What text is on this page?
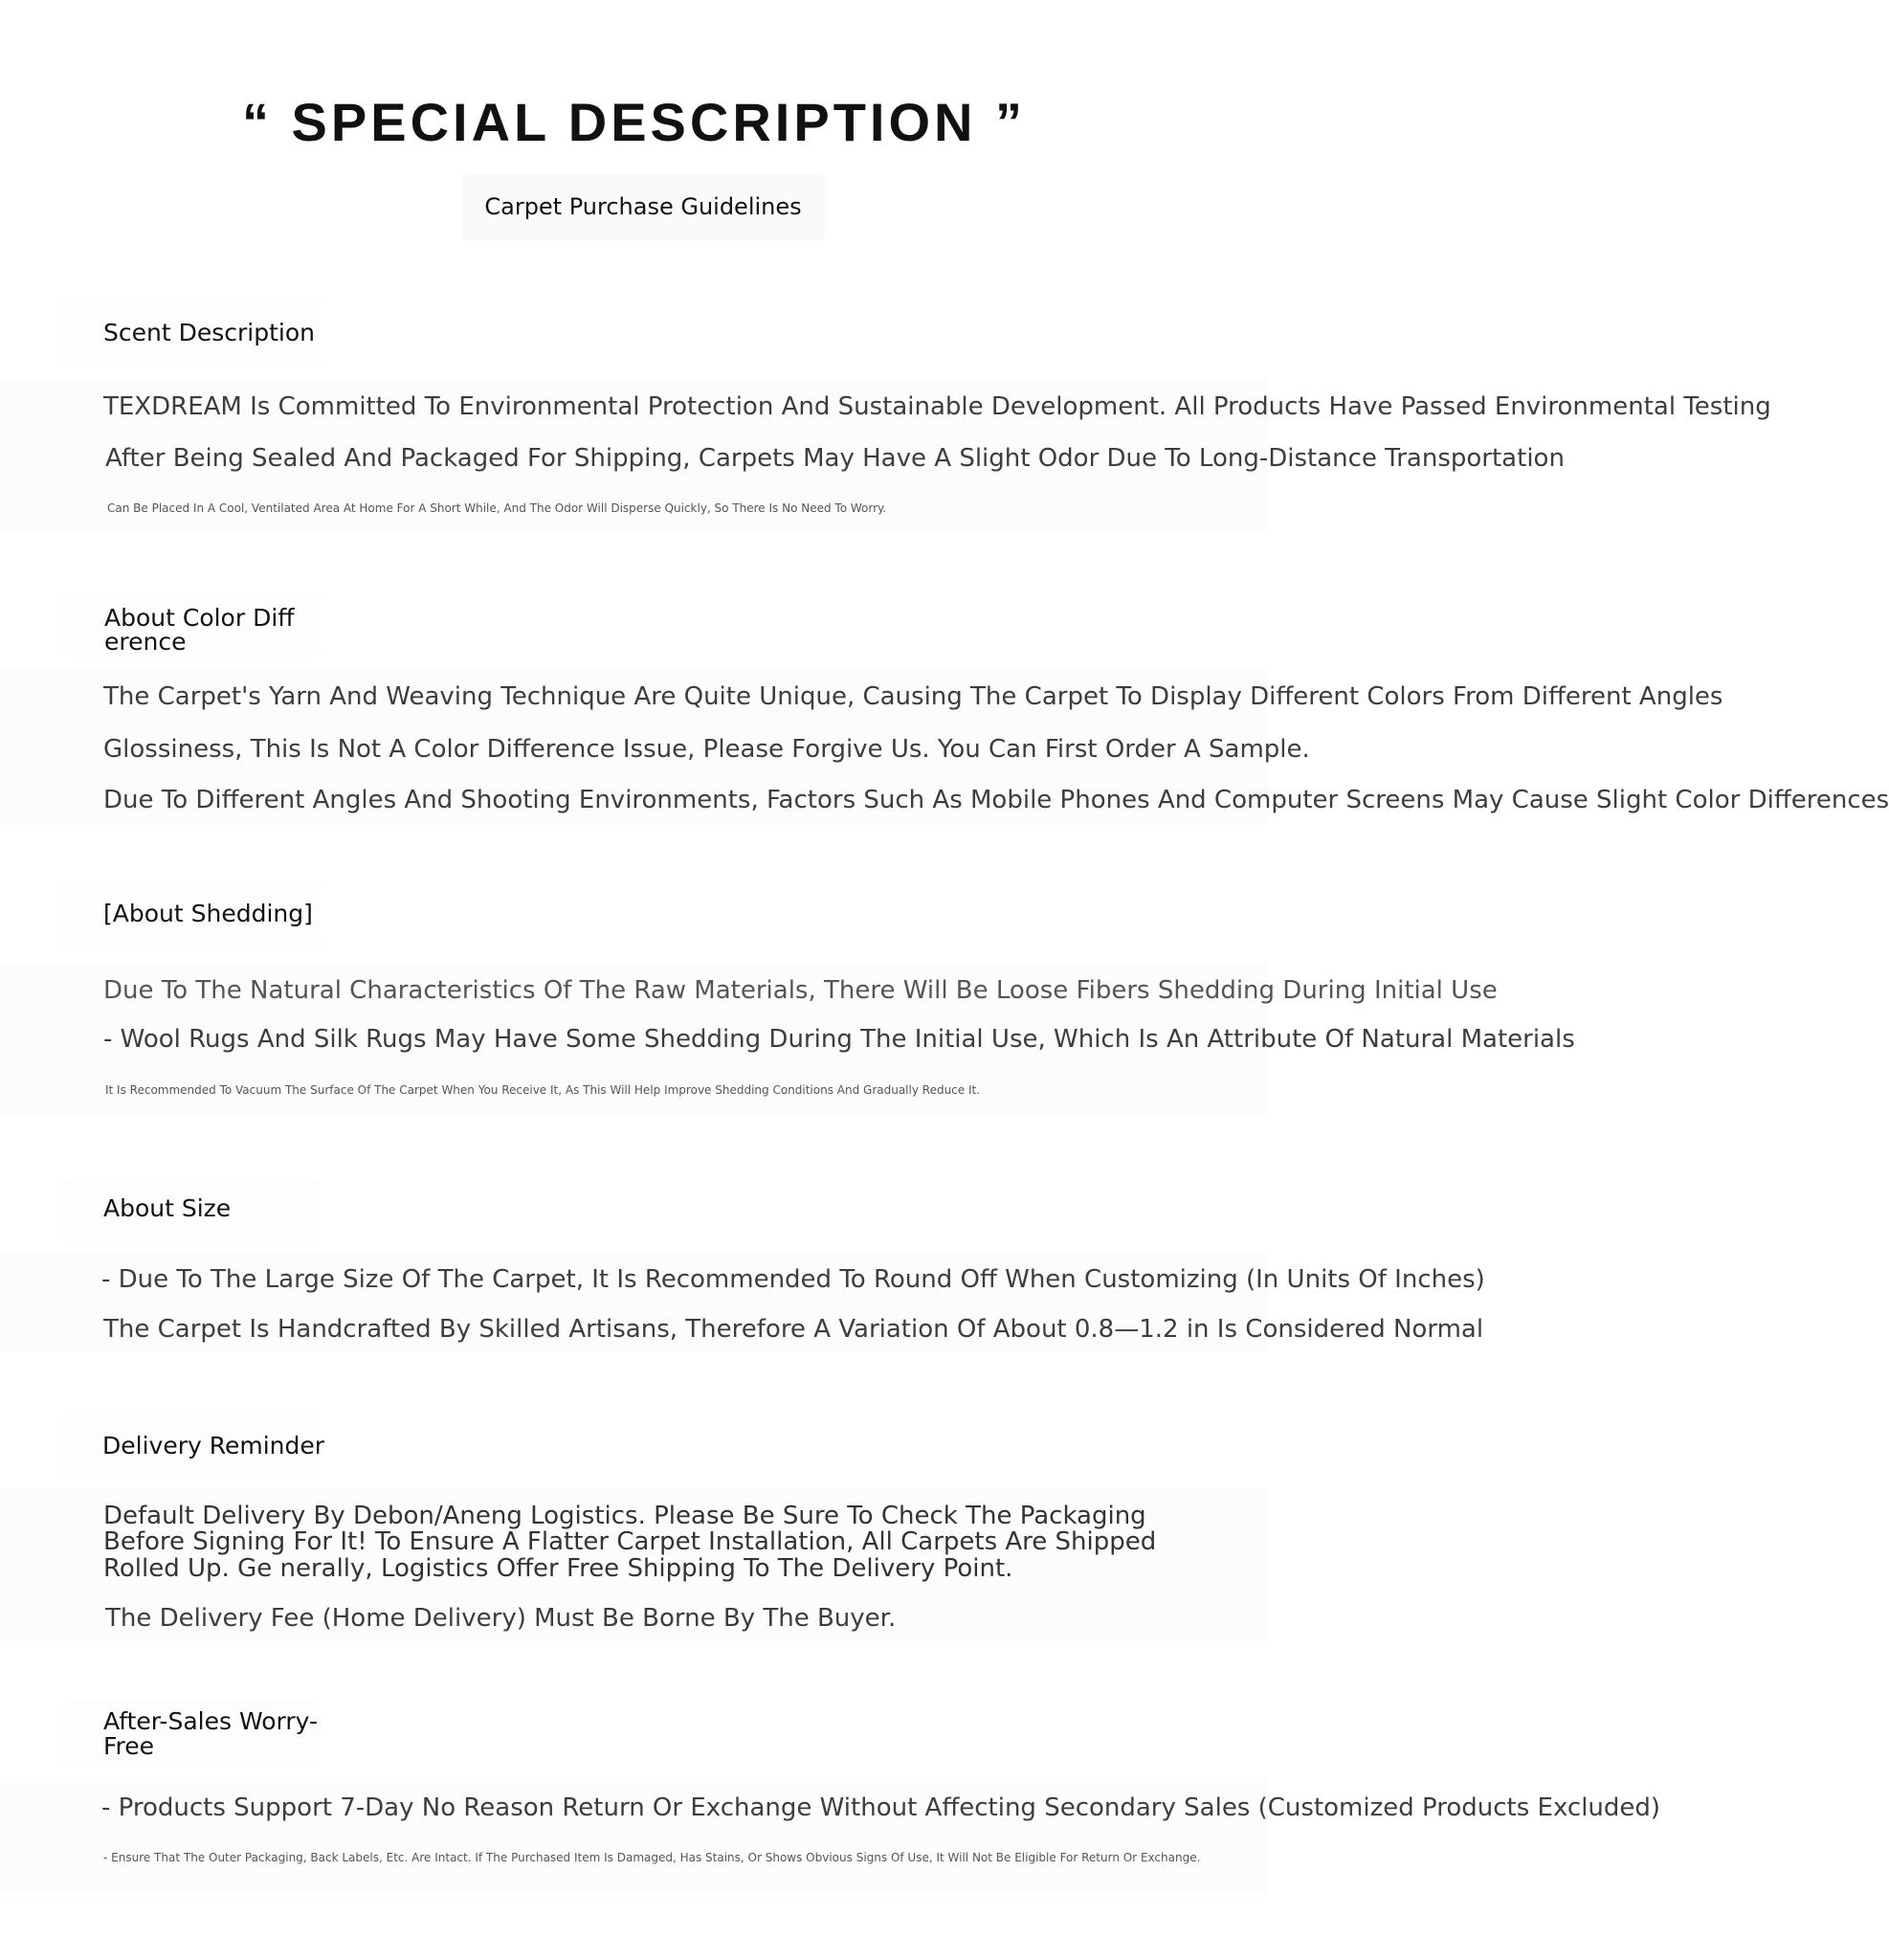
“ SPECIAL DESCRIPTION ”
Carpet Purchase Guidelines
Scent Description
TEXDREAM Is Committed To Environmental Protection And Sustainable Development. All Products Have Passed Environmental Testing
After Being Sealed And Packaged For Shipping, Carpets May Have A Slight Odor Due To Long-Distance Transportation
Can Be Placed In A Cool, Ventilated Area At Home For A Short While, And The Odor Will Disperse Quickly, So There Is No Need To Worry.
About Color Diff
erence
The Carpet's Yarn And Weaving Technique Are Quite Unique, Causing The Carpet To Display Different Colors From Different Angles
Glossiness, This Is Not A Color Difference Issue, Please Forgive Us. You Can First Order A Sample.
Due To Different Angles And Shooting Environments, Factors Such As Mobile Phones And Computer Screens May Cause Slight Color Differences
[About Shedding]
Due To The Natural Characteristics Of The Raw Materials, There Will Be Loose Fibers Shedding During Initial Use
- Wool Rugs And Silk Rugs May Have Some Shedding During The Initial Use, Which Is An Attribute Of Natural Materials
It Is Recommended To Vacuum The Surface Of The Carpet When You Receive It, As This Will Help Improve Shedding Conditions And Gradually Reduce It.
About Size
- Due To The Large Size Of The Carpet, It Is Recommended To Round Off When Customizing (In Units Of Inches)
The Carpet Is Handcrafted By Skilled Artisans, Therefore A Variation Of About 0.8—1.2 in Is Considered Normal
Delivery Reminder
Default Delivery By Debon/Aneng Logistics. Please Be Sure To Check The Packaging Before Signing For It! To Ensure A Flatter Carpet Installation, All Carpets Are Shipped Rolled Up. Ge nerally, Logistics Offer Free Shipping To The Delivery Point.
The Delivery Fee (Home Delivery) Must Be Borne By The Buyer.
After-Sales Worry-
Free
- Products Support 7-Day No Reason Return Or Exchange Without Affecting Secondary Sales (Customized Products Excluded)
- Ensure That The Outer Packaging, Back Labels, Etc. Are Intact. If The Purchased Item Is Damaged, Has Stains, Or Shows Obvious Signs Of Use, It Will Not Be Eligible For Return Or Exchange.
